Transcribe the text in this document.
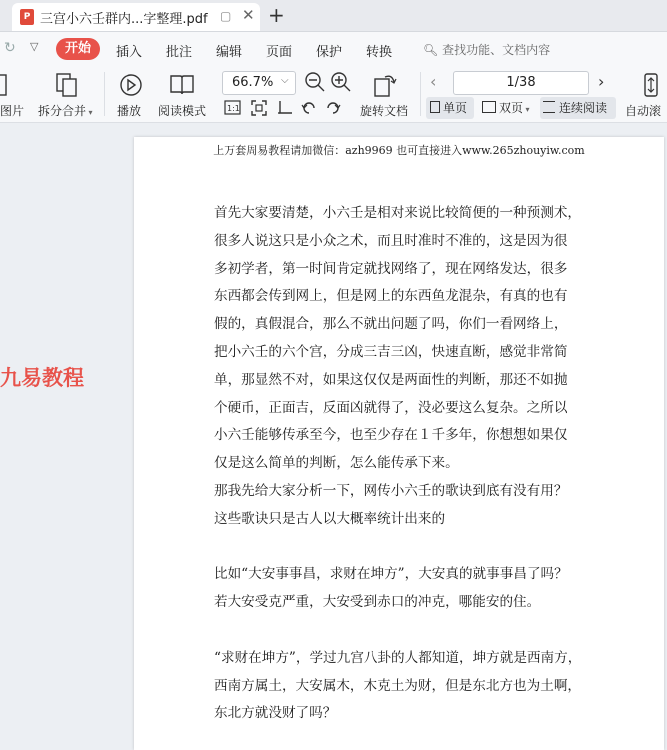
P 三宫小六壬群内...字整理.pdf ▢ ✕ +
↻ ▽	开始	插入 批注 编辑 页面 保护 转换	🔍︎ 查找功能、文档内容
图片 拆分合并 ▾ 播放 阅读模式
66.7% ⌵
1:1	旋转文档
‹	1/38	›
单页	双页 ▾	连续阅读	自动滚
九易教程
上万套周易教程请加微信：azh9969 也可直接进入www.265zhouyiw.com
首先大家要清楚，小六壬是相对来说比较简便的一种预测术，
很多人说这只是小众之术，而且时准时不准的，这是因为很
多初学者，第一时间肯定就找网络了，现在网络发达，很多
东西都会传到网上，但是网上的东西鱼龙混杂，有真的也有
假的，真假混合，那么不就出问题了吗，你们一看网络上，
把小六壬的六个宫，分成三吉三凶，快速直断，感觉非常简
单，那显然不对，如果这仅仅是两面性的判断，那还不如抛
个硬币，正面吉，反面凶就得了，没必要这么复杂。之所以
小六壬能够传承至今，也至少存在１千多年，你想想如果仅
仅是这么简单的判断，怎么能传承下来。
那我先给大家分析一下，网传小六壬的歌诀到底有没有用？
这些歌诀只是古人以大概率统计出来的
比如“大安事事昌，求财在坤方”，大安真的就事事昌了吗？
若大安受克严重，大安受到赤口的冲克，哪能安的住。
“求财在坤方”，学过九宫八卦的人都知道，坤方就是西南方，
西南方属土，大安属木，木克土为财，但是东北方也为土啊，
东北方就没财了吗？
